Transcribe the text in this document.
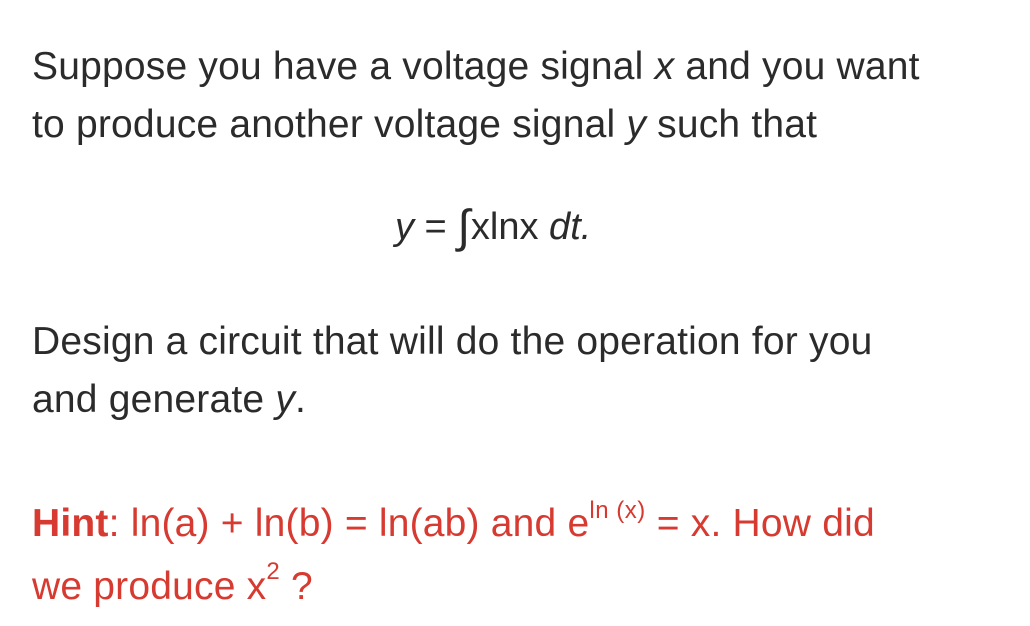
Suppose you have a voltage signal x and you want
to produce another voltage signal y such that

y = ∫xlnx dt.

Design a circuit that will do the operation for you
and generate y.

Hint: ln(a) + ln(b) = ln(ab) and $e^{ln (x)} = x$. How did
we produce $x^2$ ?
